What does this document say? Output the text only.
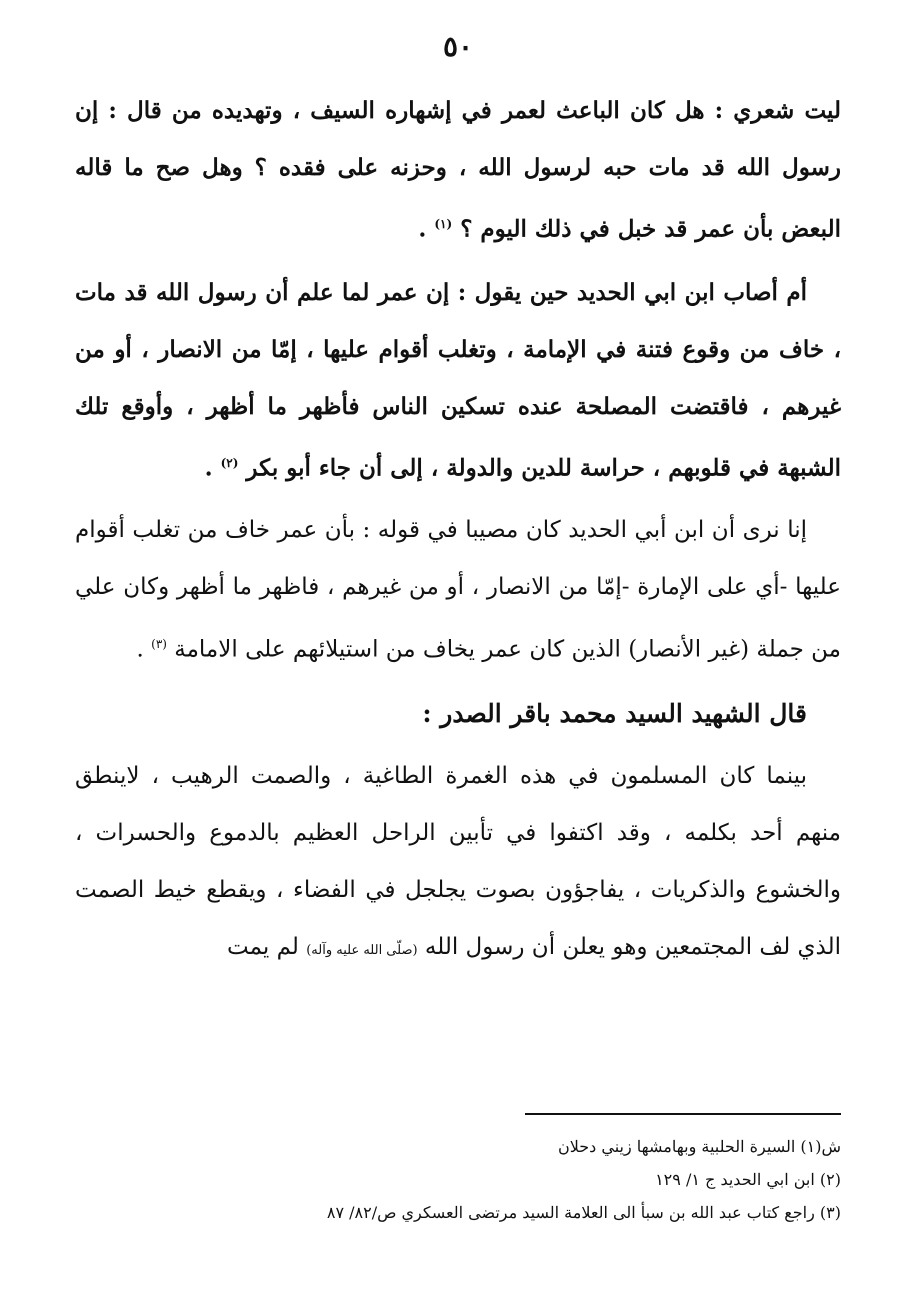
٥٠

ليت شعري : هل كان الباعث لعمر في إشهاره السيف ، وتهديده من قال : إن رسول الله قد مات حبه لرسول الله ، وحزنه على فقده ؟ وهل صح ما قاله البعض بأن عمر قد خبل في ذلك اليوم ؟ $^{(١)}$ .

أم أصاب ابن ابي الحديد حين يقول : إن عمر لما علم أن رسول الله قد مات ، خاف من وقوع فتنة في الإمامة ، وتغلب أقوام عليها ، إمّا من الانصار ، أو من غيرهم ، فاقتضت المصلحة عنده تسكين الناس فأظهر ما أظهر ، وأوقع تلك الشبهة في قلوبهم ، حراسة للدين والدولة ، إلى أن جاء أبو بكر $^{(٢)}$ .

إنا نرى أن ابن أبي الحديد كان مصيبا في قوله : بأن عمر خاف من تغلب أقوام عليها -أي على الإمارة -إمّا من الانصار ، أو من غيرهم ، فاظهر ما أظهر وكان علي من جملة (غير الأنصار) الذين كان عمر يخاف من استيلائهم على الامامة $^{(٣)}$ .

قال الشهيد السيد محمد باقر الصدر :

بينما كان المسلمون في هذه الغمرة الطاغية ، والصمت الرهيب ، لاينطق منهم أحد بكلمه ، وقد اكتفوا في تأبين الراحل العظيم بالدموع والحسرات ، والخشوع والذكريات ، يفاجؤون بصوت يجلجل في الفضاء ، ويقطع خيط الصمت الذي لف المجتمعين وهو يعلن أن رسول الله (صلّى الله عليه وآله) لم يمت

ش(١) السيرة الحلبية وبهامشها زيني دحلان
(٢) ابن ابي الحديد ج ١/ ١٢٩
(٣) راجع كتاب عبد الله بن سبأ الى العلامة السيد مرتضى العسكري ص/٨٢/ ٨٧
